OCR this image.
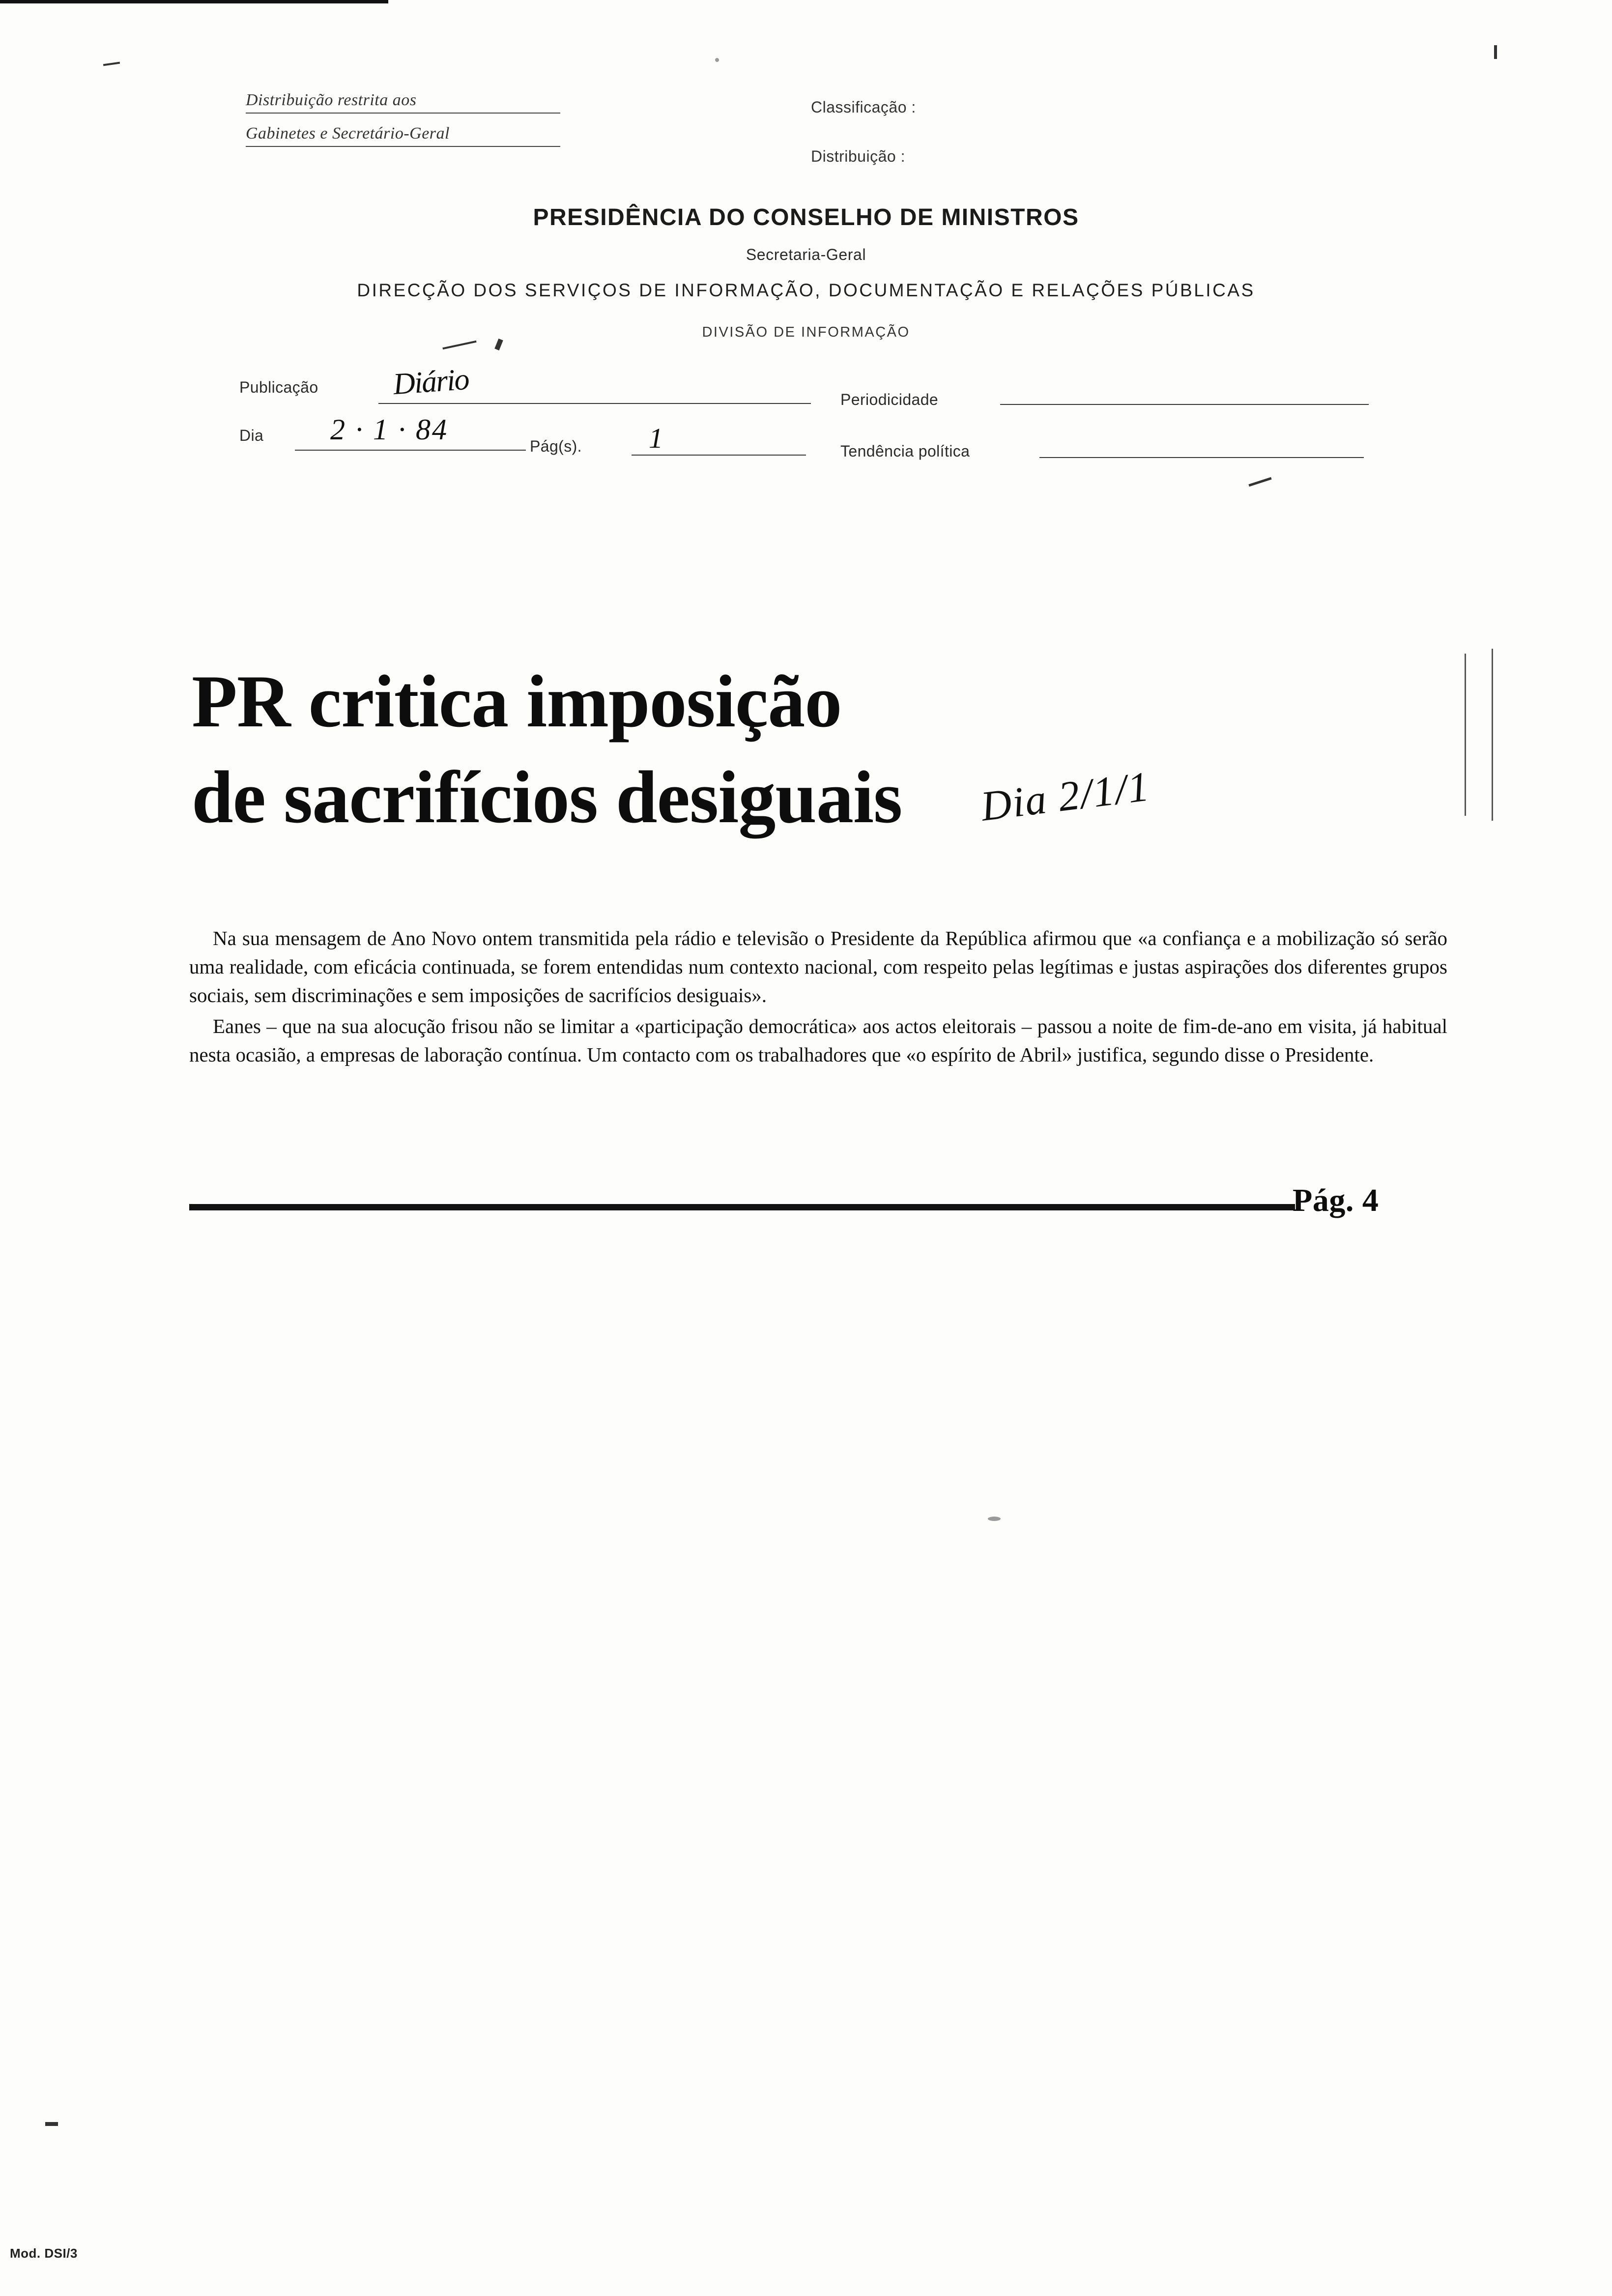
Distribuição restrita aos
Gabinetes e Secretário-Geral
Classificação :
Distribuição :
PRESIDÊNCIA DO CONSELHO DE MINISTROS
Secretaria-Geral
DIRECÇÃO DOS SERVIÇOS DE INFORMAÇÃO, DOCUMENTAÇÃO E RELAÇÕES PÚBLICAS
DIVISÃO DE INFORMAÇÃO
Publicação Diário	Periodicidade
Dia 2 · 1 · 84
Pág(s). 1	Tendência política
PR critica imposição
de sacrifícios desiguais	Dia 2/1/1

Na sua mensagem de Ano Novo ontem transmitida pela rádio e televisão o Presidente da República afirmou que «a confiança e a mobilização só serão uma realidade, com eficácia continuada, se forem entendidas num contexto nacional, com respeito pelas legítimas e justas aspirações dos diferentes grupos sociais, sem discriminações e sem imposições de sacrifícios desiguais».

Eanes – que na sua alocução frisou não se limitar a «participação democrática» aos actos eleitorais – passou a noite de fim-de-ano em visita, já habitual nesta ocasião, a empresas de laboração contínua. Um contacto com os trabalhadores que «o espírito de Abril» justifica, segundo disse o Presidente.

Pág. 4
Mod. DSI/3
